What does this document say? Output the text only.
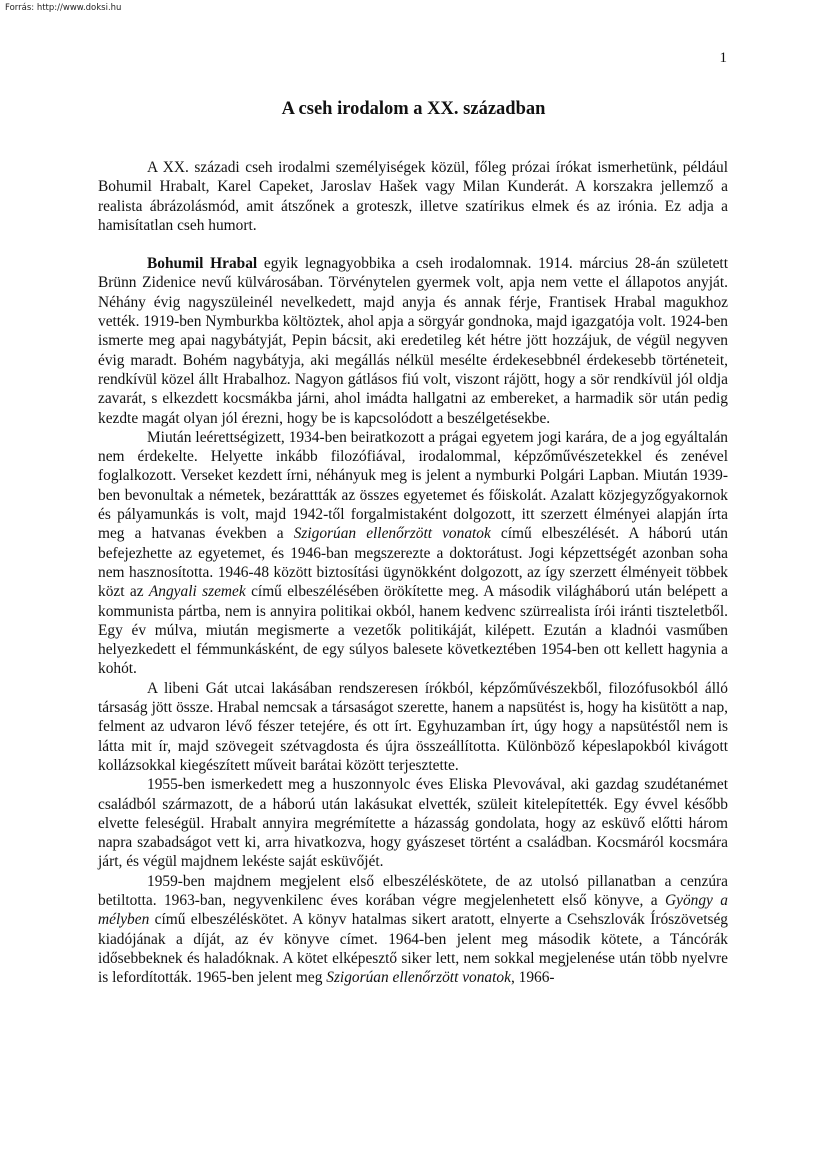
Forrás: http://www.doksi.hu
1
A cseh irodalom a XX. században

A XX. századi cseh irodalmi személyiségek közül, főleg prózai írókat ismerhetünk, például Bohumil Hrabalt, Karel Capeket, Jaroslav Hašek vagy Milan Kunderát. A korszakra jellemző a realista ábrázolásmód, amit átszőnek a groteszk, illetve szatírikus elmek és az irónia. Ez adja a hamisítatlan cseh humort.

Bohumil Hrabal egyik legnagyobbika a cseh irodalomnak. 1914. március 28-án született Brünn Zidenice nevű külvárosában. Törvénytelen gyermek volt, apja nem vette el állapotos anyját. Néhány évig nagyszüleinél nevelkedett, majd anyja és annak férje, Frantisek Hrabal magukhoz vették. 1919-ben Nymburkba költöztek, ahol apja a sörgyár gondnoka, majd igazgatója volt. 1924-ben ismerte meg apai nagybátyját, Pepin bácsit, aki eredetileg két hétre jött hozzájuk, de végül negyven évig maradt. Bohém nagybátyja, aki megállás nélkül mesélte érdekesebbnél érdekesebb történeteit, rendkívül közel állt Hrabalhoz. Nagyon gátlásos fiú volt, viszont rájött, hogy a sör rendkívül jól oldja zavarát, s elkezdett kocsmákba járni, ahol imádta hallgatni az embereket, a harmadik sör után pedig kezdte magát olyan jól érezni, hogy be is kapcsolódott a beszélgetésekbe.

Miután leérettségizett, 1934-ben beiratkozott a prágai egyetem jogi karára, de a jog egyáltalán nem érdekelte. Helyette inkább filozófiával, irodalommal, képzőművészetekkel és zenével foglalkozott. Verseket kezdett írni, néhányuk meg is jelent a nymburki Polgári Lapban. Miután 1939-ben bevonultak a németek, bezárattták az összes egyetemet és főiskolát. Azalatt közjegyzőgyakornok és pályamunkás is volt, majd 1942-től forgalmistaként dolgozott, itt szerzett élményei alapján írta meg a hatvanas években a Szigorúan ellenőrzött vonatok című elbeszélését. A háború után befejezhette az egyetemet, és 1946-ban megszerezte a doktorátust. Jogi képzettségét azonban soha nem hasznosította. 1946-48 között biztosítási ügynökként dolgozott, az így szerzett élményeit többek közt az Angyali szemek című elbeszélésében örökítette meg. A második világháború után belépett a kommunista pártba, nem is annyira politikai okból, hanem kedvenc szürrealista írói iránti tiszteletből. Egy év múlva, miután megismerte a vezetők politikáját, kilépett. Ezután a kladnói vasműben helyezkedett el fémmunkásként, de egy súlyos balesete következtében 1954-ben ott kellett hagynia a kohót.

A libeni Gát utcai lakásában rendszeresen írókból, képzőművészekből, filozófusokból álló társaság jött össze. Hrabal nemcsak a társaságot szerette, hanem a napsütést is, hogy ha kisütött a nap, felment az udvaron lévő fészer tetejére, és ott írt. Egyhuzamban írt, úgy hogy a napsütéstől nem is látta mit ír, majd szövegeit szétvagdosta és újra összeállította. Különböző képeslapokból kivágott kollázsokkal kiegészített műveit barátai között terjesztette.

1955-ben ismerkedett meg a huszonnyolc éves Eliska Plevovával, aki gazdag szudétanémet családból származott, de a háború után lakásukat elvették, szüleit kitelepítették. Egy évvel később elvette feleségül. Hrabalt annyira megrémítette a házasság gondolata, hogy az esküvő előtti három napra szabadságot vett ki, arra hivatkozva, hogy gyászeset történt a családban. Kocsmáról kocsmára járt, és végül majdnem lekéste saját esküvőjét.

1959-ben majdnem megjelent első elbeszéléskötete, de az utolsó pillanatban a cenzúra betiltotta. 1963-ban, negyvenkilenc éves korában végre megjelenhetett első könyve, a Gyöngy a mélyben című elbeszéléskötet. A könyv hatalmas sikert aratott, elnyerte a Csehszlovák Írószövetség kiadójának a díját, az év könyve címet. 1964-ben jelent meg második kötete, a Táncórák idősebbeknek és haladóknak. A kötet elképesztő siker lett, nem sokkal megjelenése után több nyelvre is lefordították. 1965-ben jelent meg Szigorúan ellenőrzött vonatok, 1966-
